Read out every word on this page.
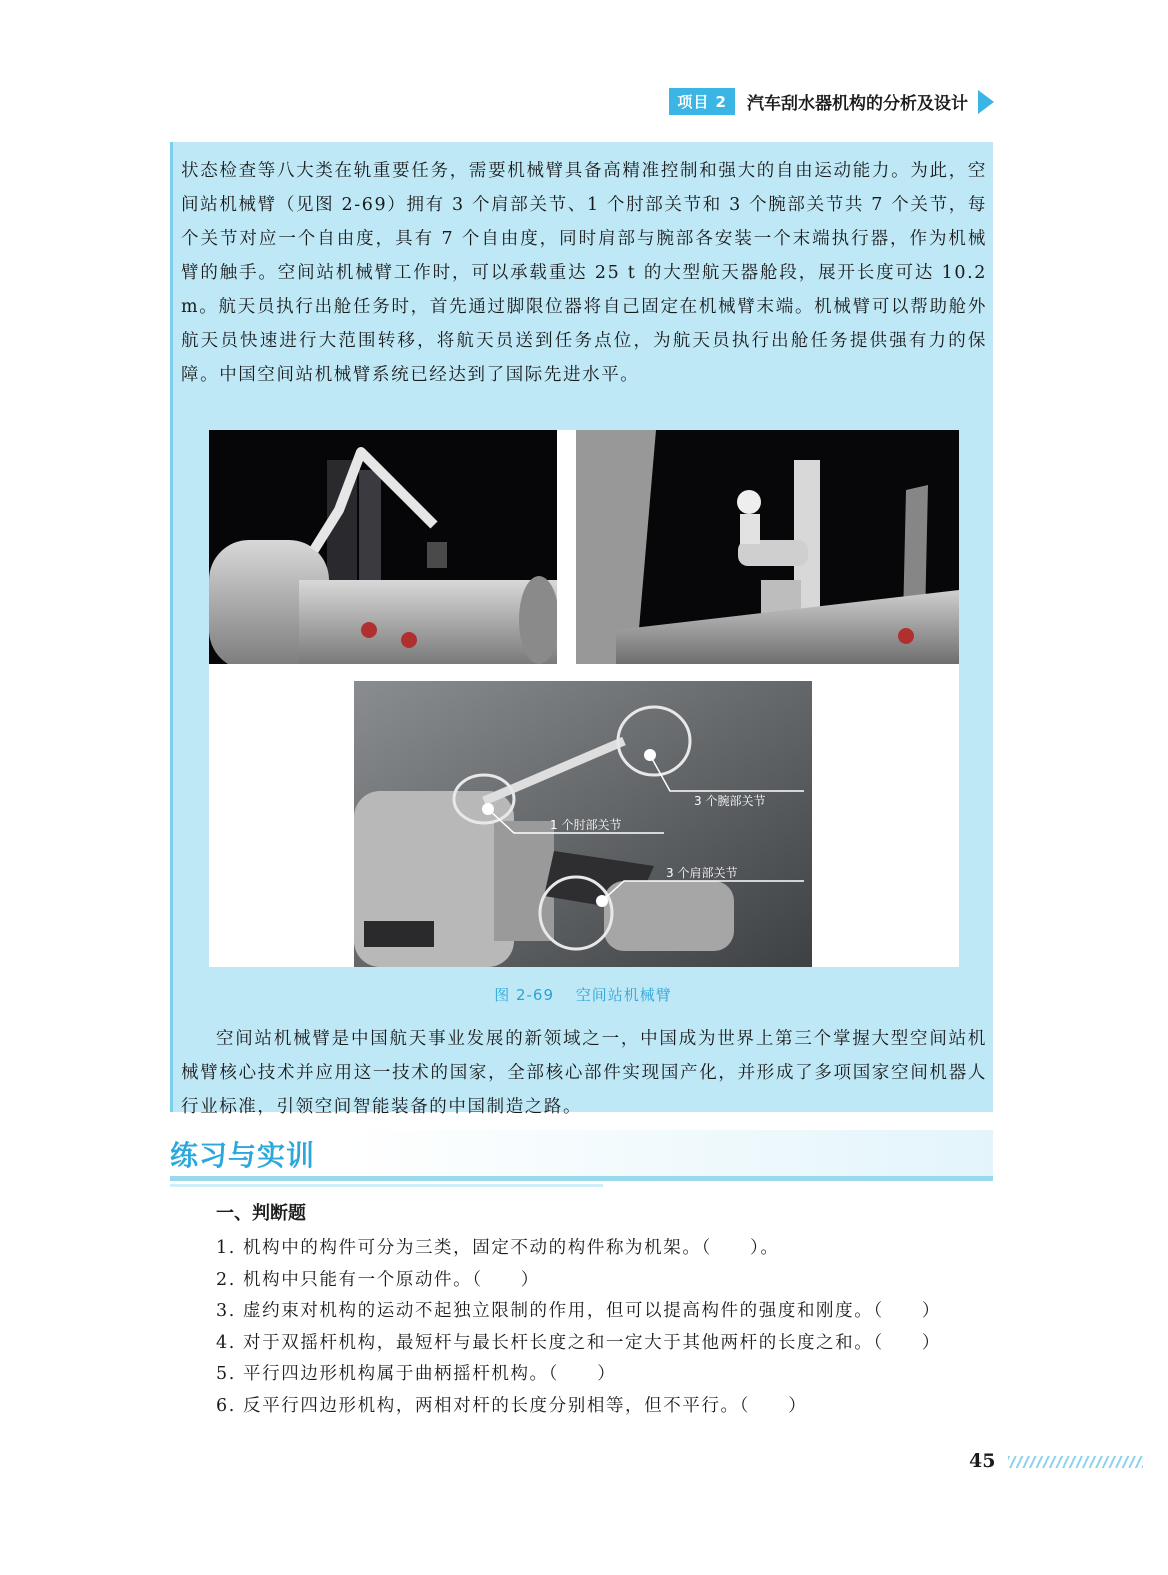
项目 2	汽车刮水器机构的分析及设计

状态检查等八大类在轨重要任务，需要机械臂具备高精准控制和强大的自由运动能力。为此，空间站机械臂（见图 2-69）拥有 3 个肩部关节、1 个肘部关节和 3 个腕部关节共 7 个关节，每个关节对应一个自由度，具有 7 个自由度，同时肩部与腕部各安装一个末端执行器，作为机械臂的触手。空间站机械臂工作时，可以承载重达 25 t 的大型航天器舱段，展开长度可达 10.2 m。航天员执行出舱任务时，首先通过脚限位器将自己固定在机械臂末端。机械臂可以帮助舱外航天员快速进行大范围转移，将航天员送到任务点位，为航天员执行出舱任务提供强有力的保障。中国空间站机械臂系统已经达到了国际先进水平。

3 个腕部关节
1 个肘部关节
3 个肩部关节
图 2-69 空间站机械臂

空间站机械臂是中国航天事业发展的新领域之一，中国成为世界上第三个掌握大型空间站机械臂核心技术并应用这一技术的国家，全部核心部件实现国产化，并形成了多项国家空间机器人行业标准，引领空间智能装备的中国制造之路。

练习与实训
一、判断题
1. 机构中的构件可分为三类，固定不动的构件称为机架。（　　）。
2. 机构中只能有一个原动件。（　　）
3. 虚约束对机构的运动不起独立限制的作用，但可以提高构件的强度和刚度。（　　）
4. 对于双摇杆机构，最短杆与最长杆长度之和一定大于其他两杆的长度之和。（　　）
5. 平行四边形机构属于曲柄摇杆机构。（　　）
6. 反平行四边形机构，两相对杆的长度分别相等，但不平行。（　　）
45
